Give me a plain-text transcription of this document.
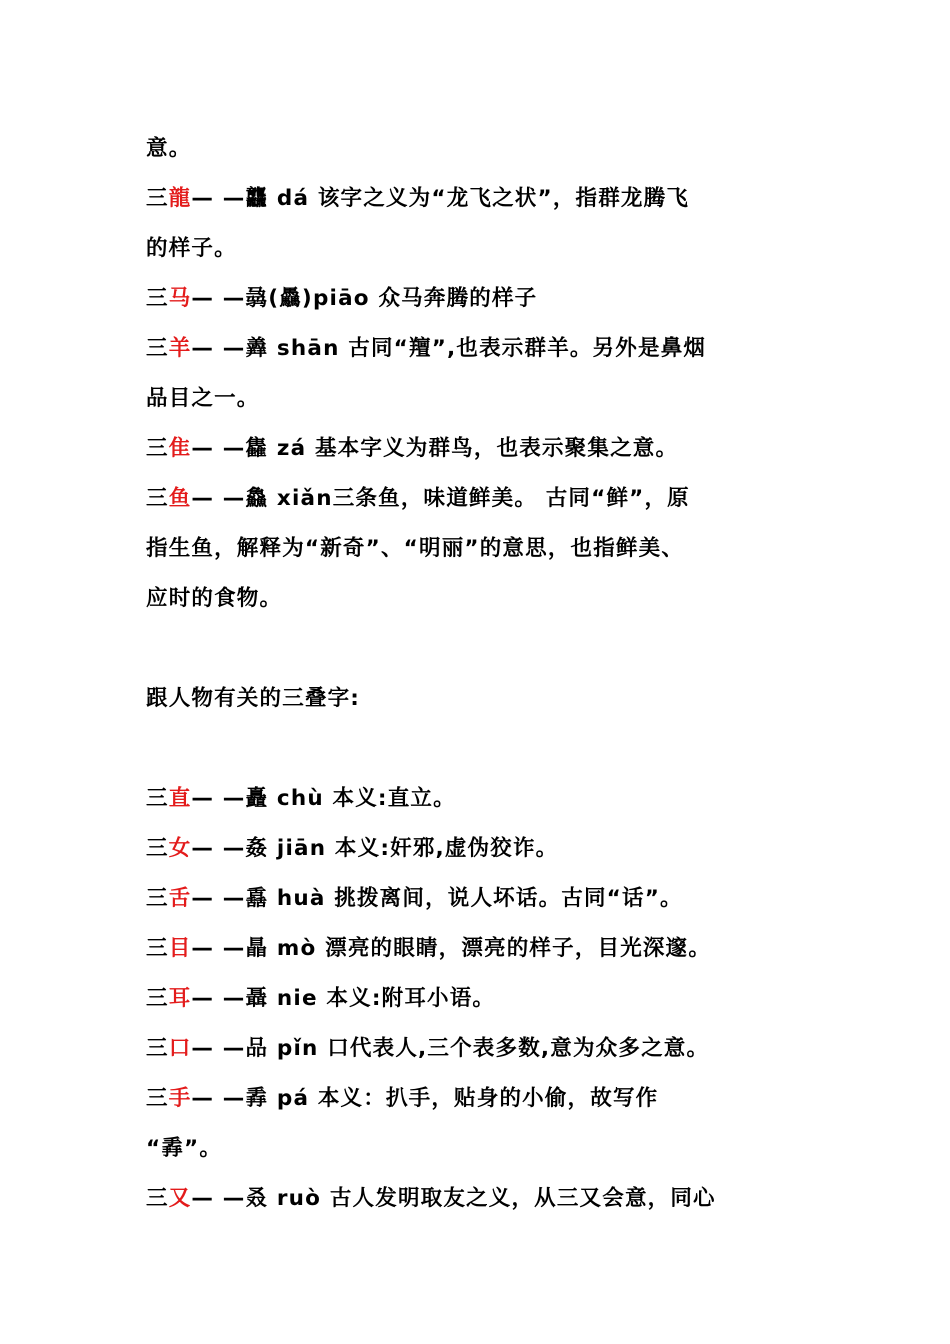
意。
三龍— —龘 dá 该字之义为“龙飞之状”，指群龙腾飞
的样子。
三马— —骉(驫)piāo 众马奔腾的样子
三羊— —羴 shān 古同“羶”,也表示群羊。另外是鼻烟
品目之一。
三隹— —雥 zá 基本字义为群鸟，也表示聚集之意。
三鱼— —鱻 xiǎn三条鱼，味道鲜美。 古同“鲜”，原
指生鱼，解释为“新奇”、“明丽”的意思，也指鲜美、
应时的食物。
跟人物有关的三叠字:
三直— —矗 chù 本义:直立。
三女— —姦 jiān 本义:奸邪,虚伪狡诈。
三舌— —舙 huà 挑拨离间，说人坏话。古同“话”。
三目— —瞐 mò 漂亮的眼睛，漂亮的样子，目光深邃。
三耳— —聶 nie 本义:附耳小语。
三口— —品 pǐn 口代表人,三个表多数,意为众多之意。
三手— —掱 pá 本义：扒手，贴身的小偷，故写作
“掱”。
三又— —叒 ruò 古人发明取友之义，从三又会意，同心
